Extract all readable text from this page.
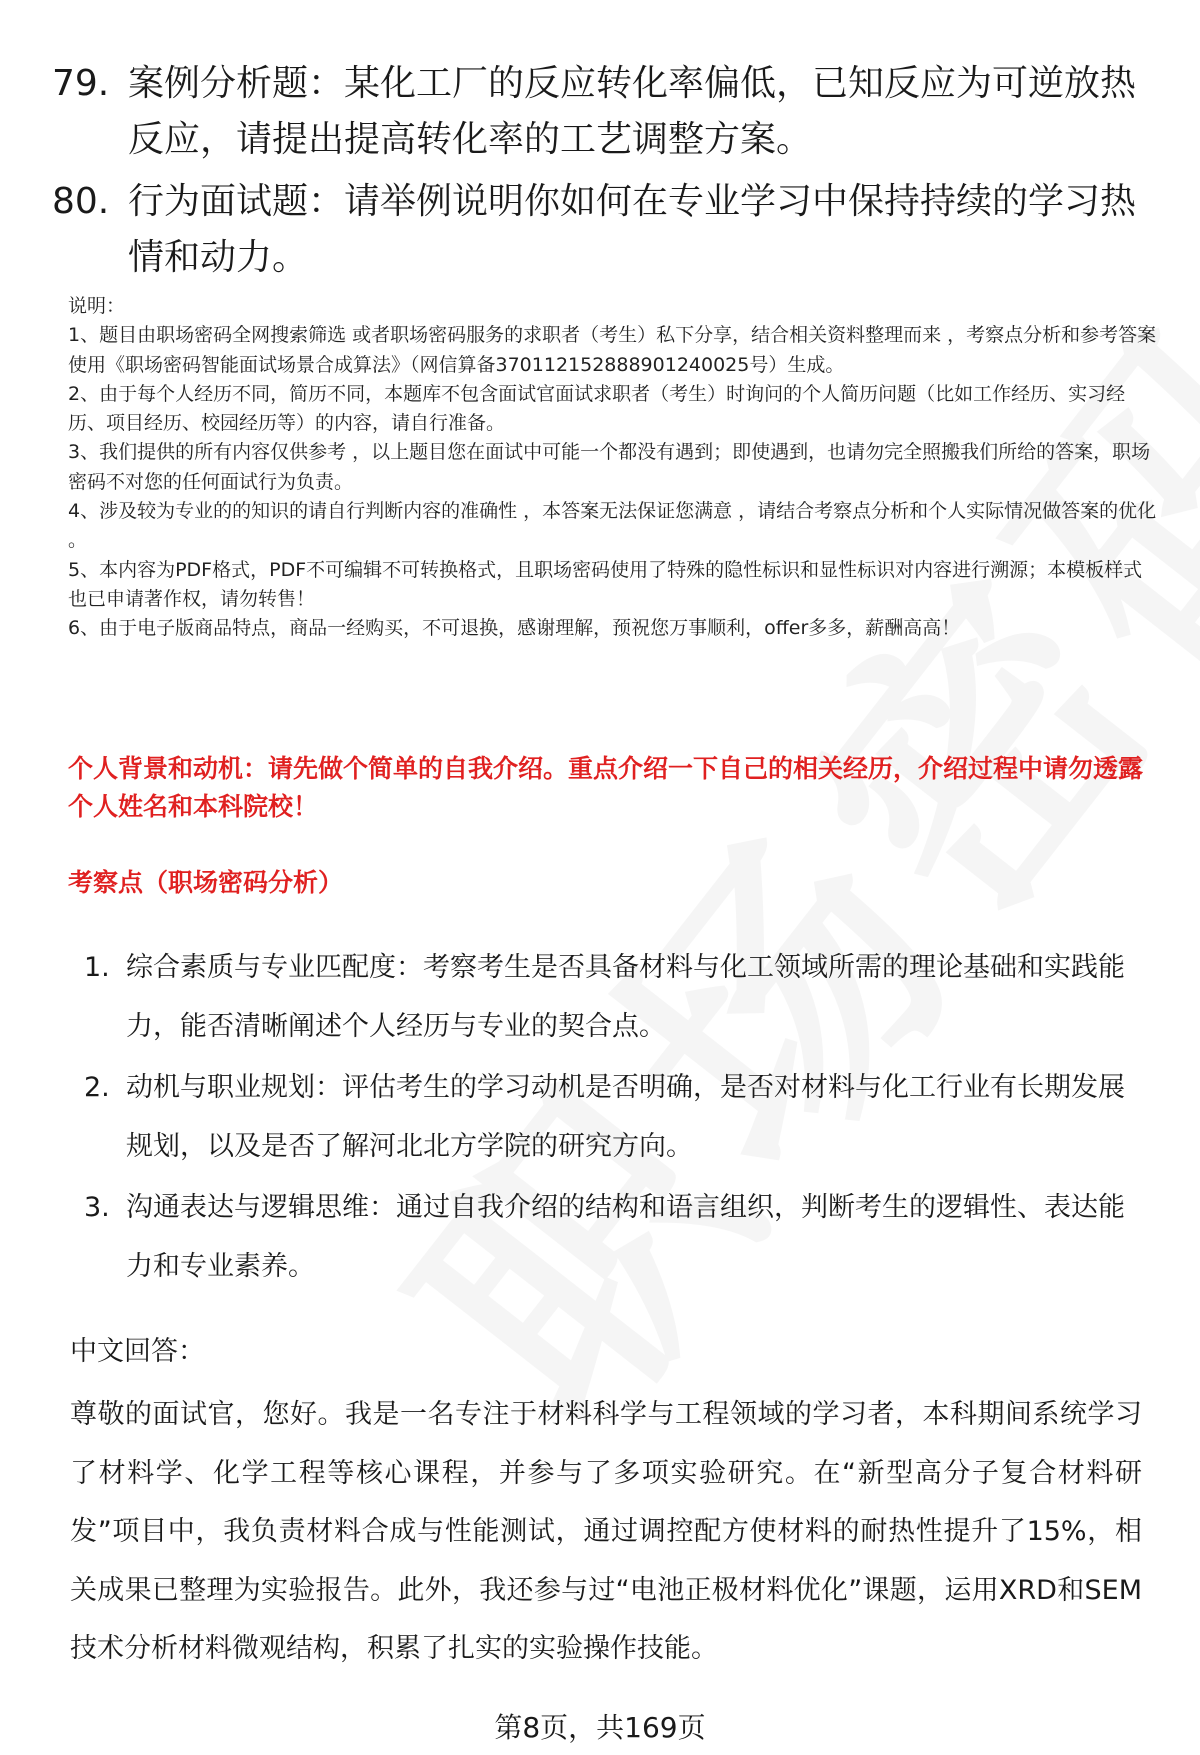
79. 案例分析题：某化工厂的反应转化率偏低，已知反应为可逆放热反应，请提出提高转化率的工艺调整方案。
80. 行为面试题：请举例说明你如何在专业学习中保持持续的学习热情和动力。

说明：

1、题目由职场密码全网搜索筛选 或者职场密码服务的求职者（考生）私下分享，结合相关资料整理而来 ，考察点分析和参考答案使用《职场密码智能面试场景合成算法》（网信算备370112152888901240025号）生成。

2、由于每个人经历不同，简历不同，本题库不包含面试官面试求职者（考生）时询问的个人简历问题（比如工作经历、实习经历、项目经历、校园经历等）的内容，请自行准备。

3、我们提供的所有内容仅供参考 ，以上题目您在面试中可能一个都没有遇到；即使遇到，也请勿完全照搬我们所给的答案，职场密码不对您的任何面试行为负责。

4、涉及较为专业的的知识的请自行判断内容的准确性 ，本答案无法保证您满意 ，请结合考察点分析和个人实际情况做答案的优化 。

5、本内容为PDF格式，PDF不可编辑不可转换格式，且职场密码使用了特殊的隐性标识和显性标识对内容进行溯源；本模板样式也已申请著作权，请勿转售！

6、由于电子版商品特点，商品一经购买，不可退换，感谢理解，预祝您万事顺利，offer多多，薪酬高高！

个人背景和动机：请先做个简单的自我介绍。重点介绍一下自己的相关经历，介绍过程中请勿透露个人姓名和本科院校！
考察点（职场密码分析）
1. 综合素质与专业匹配度：考察考生是否具备材料与化工领域所需的理论基础和实践能力，能否清晰阐述个人经历与专业的契合点。
2. 动机与职业规划：评估考生的学习动机是否明确，是否对材料与化工行业有长期发展规划，以及是否了解河北北方学院的研究方向。
3. 沟通表达与逻辑思维：通过自我介绍的结构和语言组织，判断考生的逻辑性、表达能力和专业素养。
中文回答：
尊敬的面试官，您好。我是一名专注于材料科学与工程领域的学习者，本科期间系统学习了材料学、化学工程等核心课程，并参与了多项实验研究。在“新型高分子复合材料研发”项目中，我负责材料合成与性能测试，通过调控配方使材料的耐热性提升了15%，相关成果已整理为实验报告。此外，我还参与过“电池正极材料优化”课题，运用XRD和SEM技术分析材料微观结构，积累了扎实的实验操作技能。
第8页，共169页
